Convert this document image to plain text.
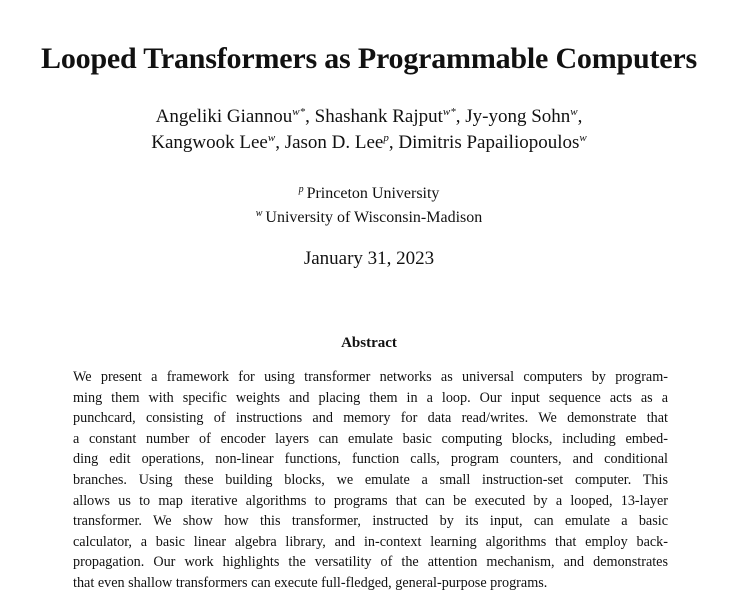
Looped Transformers as Programmable Computers
Angeliki Giannou$^{w*}$, Shashank Rajput$^{w*}$, Jy-yong Sohn$^w$,
Kangwook Lee$^w$, Jason D. Lee$^p$, Dimitris Papailiopoulos$^w$
$^p$ Princeton University
$^w$ University of Wisconsin-Madison
January 31, 2023
Abstract
We present a framework for using transformer networks as universal computers by program-
ming them with specific weights and placing them in a loop. Our input sequence acts as a
punchcard, consisting of instructions and memory for data read/writes. We demonstrate that
a constant number of encoder layers can emulate basic computing blocks, including embed-
ding edit operations, non-linear functions, function calls, program counters, and conditional
branches. Using these building blocks, we emulate a small instruction-set computer. This
allows us to map iterative algorithms to programs that can be executed by a looped, 13-layer
transformer. We show how this transformer, instructed by its input, can emulate a basic
calculator, a basic linear algebra library, and in-context learning algorithms that employ back-
propagation. Our work highlights the versatility of the attention mechanism, and demonstrates
that even shallow transformers can execute full-fledged, general-purpose programs.
